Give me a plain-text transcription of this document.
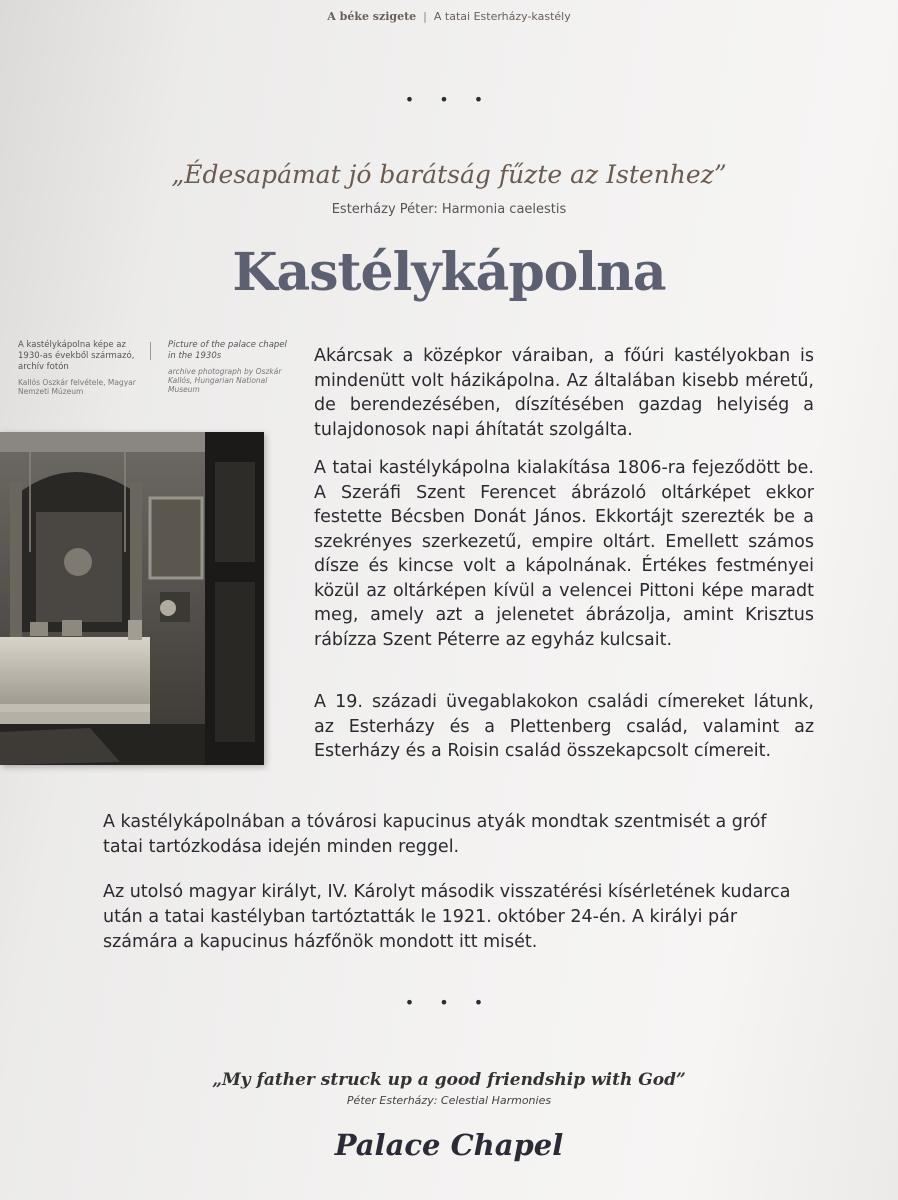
A béke szigete | A tatai Esterházy-kastély
• • •
„Édesapámat jó barátság fűzte az Istenhez”
Esterházy Péter: Harmonia caelestis
Kastélykápolna
A kastélykápolna képe az 1930-as évekből származó, archív fotón
Kallós Oszkár felvétele, Magyar Nemzeti Múzeum
Picture of the palace chapel in the 1930s
archive photograph by Oszkár Kallós, Hungarian National Museum
Akárcsak a középkor váraiban, a főúri kastélyokban is mindenütt volt házikápolna. Az általában kisebb méretű, de berendezésében, díszítésében gazdag helyiség a tulajdonosok napi áhítatát szolgálta.
A tatai kastélykápolna kialakítása 1806-ra fejeződött be. A Szeráfi Szent Ferencet ábrázoló oltárképet ekkor festette Bécsben Donát János. Ekkortájt szerezték be a szekrényes szerkezetű, empire oltárt. Emellett számos dísze és kincse volt a kápolnának. Értékes festményei közül az oltárképen kívül a velencei Pittoni képe maradt meg, amely azt a jelenetet ábrázolja, amint Krisztus rábízza Szent Péterre az egyház kulcsait.
A 19. századi üvegablakokon családi címereket látunk, az Esterházy és a Plettenberg család, valamint az Esterházy és a Roisin család összekapcsolt címereit.
A kastélykápolnában a tóvárosi kapucinus atyák mondtak szentmisét a gróf tatai tartózkodása idején minden reggel.
Az utolsó magyar királyt, IV. Károlyt második visszatérési kísérletének kudarca után a tatai kastélyban tartóztatták le 1921. október 24-én. A királyi pár számára a kapucinus házfőnök mondott itt misét.
• • •
„My father struck up a good friendship with God”
Péter Esterházy: Celestial Harmonies
Palace Chapel
